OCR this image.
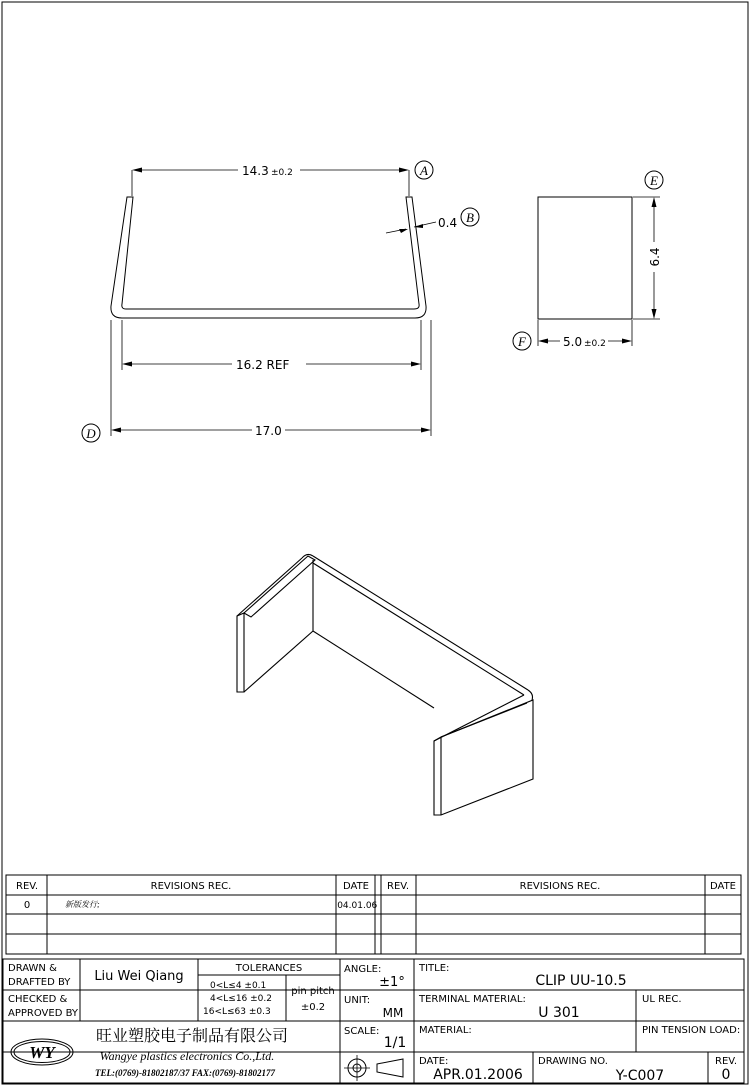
14.3 ±0.2	A
0.4 B
16.2 REF
17.0
D
6.4
E
5.0 ±0.2
F
REV.	REVISIONS REC.	DATE REV.	REVISIONS REC.	DATE
0	新版发行;	'04.01.06
DRAWN &
DRAFTED BY Liu Wei Qiang
CHECKED &
APPROVED BY
TOLERANCES
0<L≤4 ±0.1
4<L≤16 ±0.2
16<L≤63 ±0.3
pin pitch
±0.2
ANGLE:
±1°
UNIT:
MM
SCALE:
1/1
TITLE:
CLIP UU-10.5
TERMINAL MATERIAL:
U 301
UL REC.
MATERIAL:	PIN TENSION LOAD:
DATE:
APR.01.2006
DRAWING NO.
Y-C007
REV.
0
WY
旺业塑胶电子制品有限公司
Wangye plastics electronics Co.,Ltd.
TEL:(0769)-81802187/37 FAX:(0769)-81802177
